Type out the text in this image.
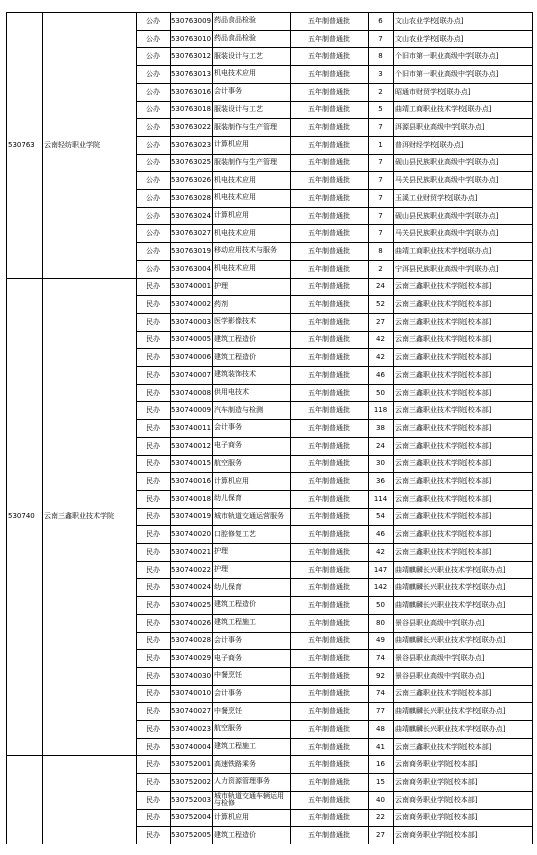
530763	云南轻纺职业学院
公办	530763009 药品食品检验	五年制普通批	6	文山农业学校[联办点]
公办	530763010 药品食品检验	五年制普通批	7	文山农业学校[联办点]
公办	530763012 服装设计与工艺	五年制普通批	8	个旧市第一职业高级中学[联办点]
公办	530763013 机电技术应用	五年制普通批	3	个旧市第一职业高级中学[联办点]
公办	530763016 会计事务	五年制普通批	2	昭通市财贸学校[联办点]
公办	530763018 服装设计与工艺	五年制普通批	5	曲靖工商职业技术学校[联办点]
公办	530763022 服装制作与生产管理	五年制普通批	7	洱源县职业高级中学[联办点]
公办	530763023 计算机应用	五年制普通批	1	普洱财经学校[联办点]
公办	530763025 服装制作与生产管理	五年制普通批	7	砚山县民族职业高级中学[联办点]
公办	530763026 机电技术应用	五年制普通批	7	马关县民族职业高级中学[联办点]
公办	530763028 机电技术应用	五年制普通批	7	玉溪工业财贸学校[联办点]
公办	530763024 计算机应用	五年制普通批	7	砚山县民族职业高级中学[联办点]
公办	530763027 机电技术应用	五年制普通批	7	马关县民族职业高级中学[联办点]
公办	530763019 移动应用技术与服务	五年制普通批	8	曲靖工商职业技术学校[联办点]
公办	530763004 机电技术应用	五年制普通批	2	宁洱县民族职业高级中学[联办点]
530740	云南三鑫职业技术学院
民办	530740001 护理	五年制普通批	24	云南三鑫职业技术学院[校本部]
民办	530740002 药剂	五年制普通批	52	云南三鑫职业技术学院[校本部]
民办	530740003 医学影像技术	五年制普通批	27	云南三鑫职业技术学院[校本部]
民办	530740005 建筑工程造价	五年制普通批	42	云南三鑫职业技术学院[校本部]
民办	530740006 建筑工程造价	五年制普通批	42	云南三鑫职业技术学院[校本部]
民办	530740007 建筑装饰技术	五年制普通批	46	云南三鑫职业技术学院[校本部]
民办	530740008 供用电技术	五年制普通批	50	云南三鑫职业技术学院[校本部]
民办	530740009 汽车制造与检测	五年制普通批	118	云南三鑫职业技术学院[校本部]
民办	530740011 会计事务	五年制普通批	38	云南三鑫职业技术学院[校本部]
民办	530740012 电子商务	五年制普通批	24	云南三鑫职业技术学院[校本部]
民办	530740015 航空服务	五年制普通批	30	云南三鑫职业技术学院[校本部]
民办	530740016 计算机应用	五年制普通批	36	云南三鑫职业技术学院[校本部]
民办	530740018 幼儿保育	五年制普通批	114	云南三鑫职业技术学院[校本部]
民办	530740019 城市轨道交通运营服务	五年制普通批	54	云南三鑫职业技术学院[校本部]
民办	530740020 口腔修复工艺	五年制普通批	46	云南三鑫职业技术学院[校本部]
民办	530740021 护理	五年制普通批	42	云南三鑫职业技术学院[校本部]
民办	530740022 护理	五年制普通批	147	曲靖麒麟长兴职业技术学校[联办点]
民办	530740024 幼儿保育	五年制普通批	142	曲靖麒麟长兴职业技术学校[联办点]
民办	530740025 建筑工程造价	五年制普通批	50	曲靖麒麟长兴职业技术学校[联办点]
民办	530740026 建筑工程施工	五年制普通批	80	景谷县职业高级中学[联办点]
民办	530740028 会计事务	五年制普通批	49	曲靖麒麟长兴职业技术学校[联办点]
民办	530740029 电子商务	五年制普通批	74	景谷县职业高级中学[联办点]
民办	530740030 中餐烹饪	五年制普通批	92	景谷县职业高级中学[联办点]
民办	530740010 会计事务	五年制普通批	74	云南三鑫职业技术学院[校本部]
民办	530740027 中餐烹饪	五年制普通批	77	曲靖麒麟长兴职业技术学校[联办点]
民办	530740023 航空服务	五年制普通批	48	曲靖麒麟长兴职业技术学校[联办点]
民办	530740004 建筑工程施工	五年制普通批	41	云南三鑫职业技术学院[校本部]
民办	530752001 高速铁路乘务	五年制普通批	16	云南商务职业学院[校本部]
民办	530752002 人力资源管理事务	五年制普通批	15	云南商务职业学院[校本部]
民办	530752003 城市轨道交通车辆运用与检修	五年制普通批	40	云南商务职业学院[校本部]
民办	530752004 计算机应用	五年制普通批	22	云南商务职业学院[校本部]
民办	530752005 建筑工程造价	五年制普通批	27	云南商务职业学院[校本部]
